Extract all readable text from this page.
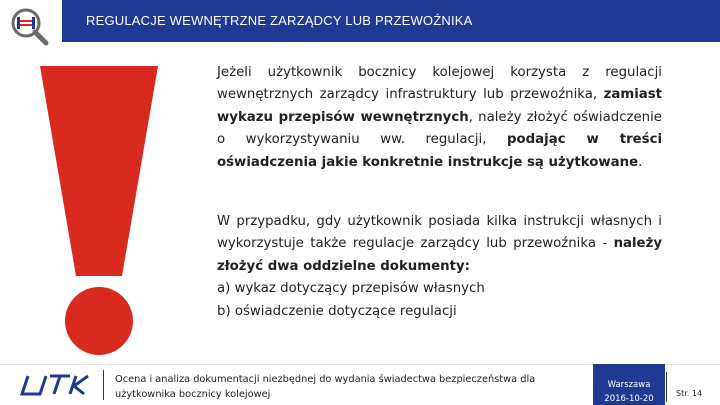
REGULACJE WEWNĘTRZNE ZARZĄDCY LUB PRZEWOŹNIKA
Jeżeli użytkownik bocznicy kolejowej korzysta z regulacji wewnętrznych zarządcy infrastruktury lub przewoźnika, zamiast wykazu przepisów wewnętrznych, należy złożyć oświadczenie o wykorzystywaniu ww. regulacji, podając w treści oświadczenia jakie konkretnie instrukcje są użytkowane.
W przypadku, gdy użytkownik posiada kilka instrukcji własnych i wykorzystuje także regulacje zarządcy lub przewoźnika - należy złożyć dwa oddzielne dokumenty:
a) wykaz dotyczący przepisów własnych
b) oświadczenie dotyczące regulacji
Ocena i analiza dokumentacji niezbędnej do wydania świadectwa bezpieczeństwa dla użytkownika bocznicy kolejowej
Warszawa
2016-10-20
Str. 14
